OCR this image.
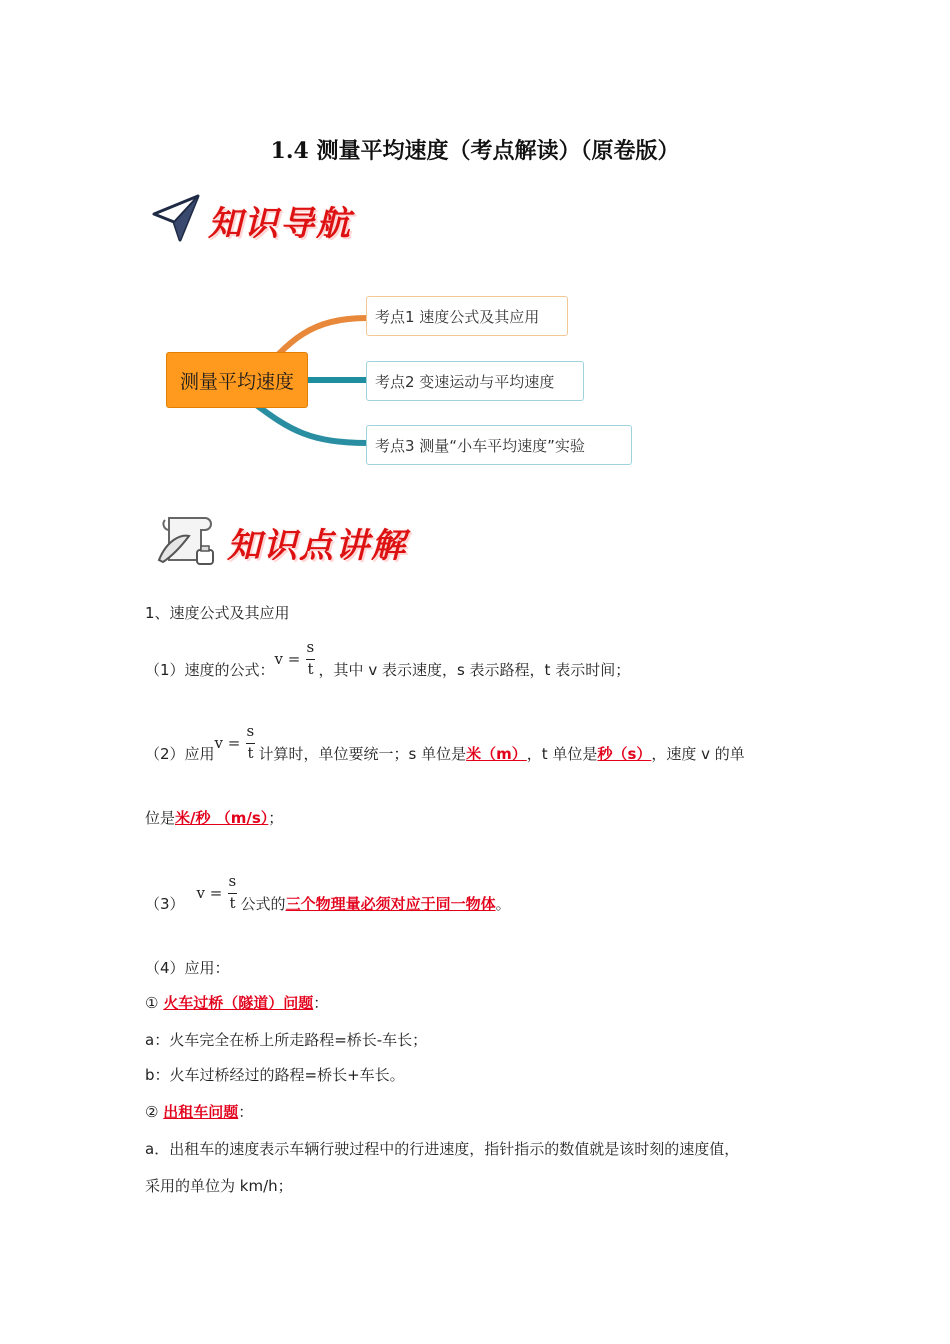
1.4 测量平均速度（考点解读）（原卷版）
知识导航
测量平均速度
考点1 速度公式及其应用
考点2 变速运动与平均速度
考点3 测量“小车平均速度”实验
知识点讲解
1、速度公式及其应用
（1）速度的公式：
v =
s
t ，其中 v 表示速度，s 表示路程，t 表示时间；
（2）应用
v =
s
t 计算时，单位要统一；s 单位是 米（m） ，t 单位是 秒（s） ，速度 v 的单
位是米/秒 （m/s）；
（3）
v =
s
t 公式的 三个物理量必须对应于同一物体 。
（4）应用：
① 火车过桥（隧道）问题：
a：火车完全在桥上所走路程=桥长-车长；
b：火车过桥经过的路程=桥长+车长。
② 出租车问题：
a．出租车的速度表示车辆行驶过程中的行进速度，指针指示的数值就是该时刻的速度值，
采用的单位为 km/h；
